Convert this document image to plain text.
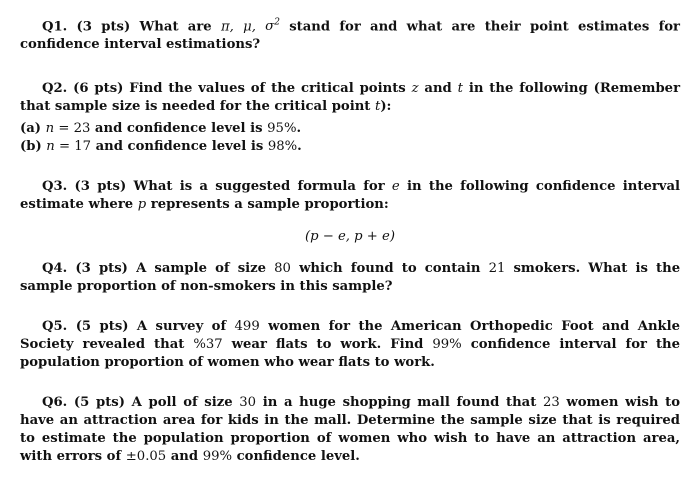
Q1. (3 pts) What are π, μ, $\sigma^2$ stand for and what are their point estimates for confidence interval estimations?

Q2. (6 pts) Find the values of the critical points z and t in the following (Remember that sample size is needed for the critical point t):

(a) n = 23 and confidence level is 95%.

(b) n = 17 and confidence level is 98%.

Q3. (3 pts) What is a suggested formula for e in the following confidence interval estimate where p represents a sample proportion:

(p − e, p + e)

Q4. (3 pts) A sample of size 80 which found to contain 21 smokers. What is the sample proportion of non-smokers in this sample?

Q5. (5 pts) A survey of 499 women for the American Orthopedic Foot and Ankle Society revealed that %37 wear flats to work. Find 99% confidence interval for the population proportion of women who wear flats to work.

Q6. (5 pts) A poll of size 30 in a huge shopping mall found that 23 women wish to have an attraction area for kids in the mall. Determine the sample size that is required to estimate the population proportion of women who wish to have an attraction area, with errors of ±0.05 and 99% confidence level.
